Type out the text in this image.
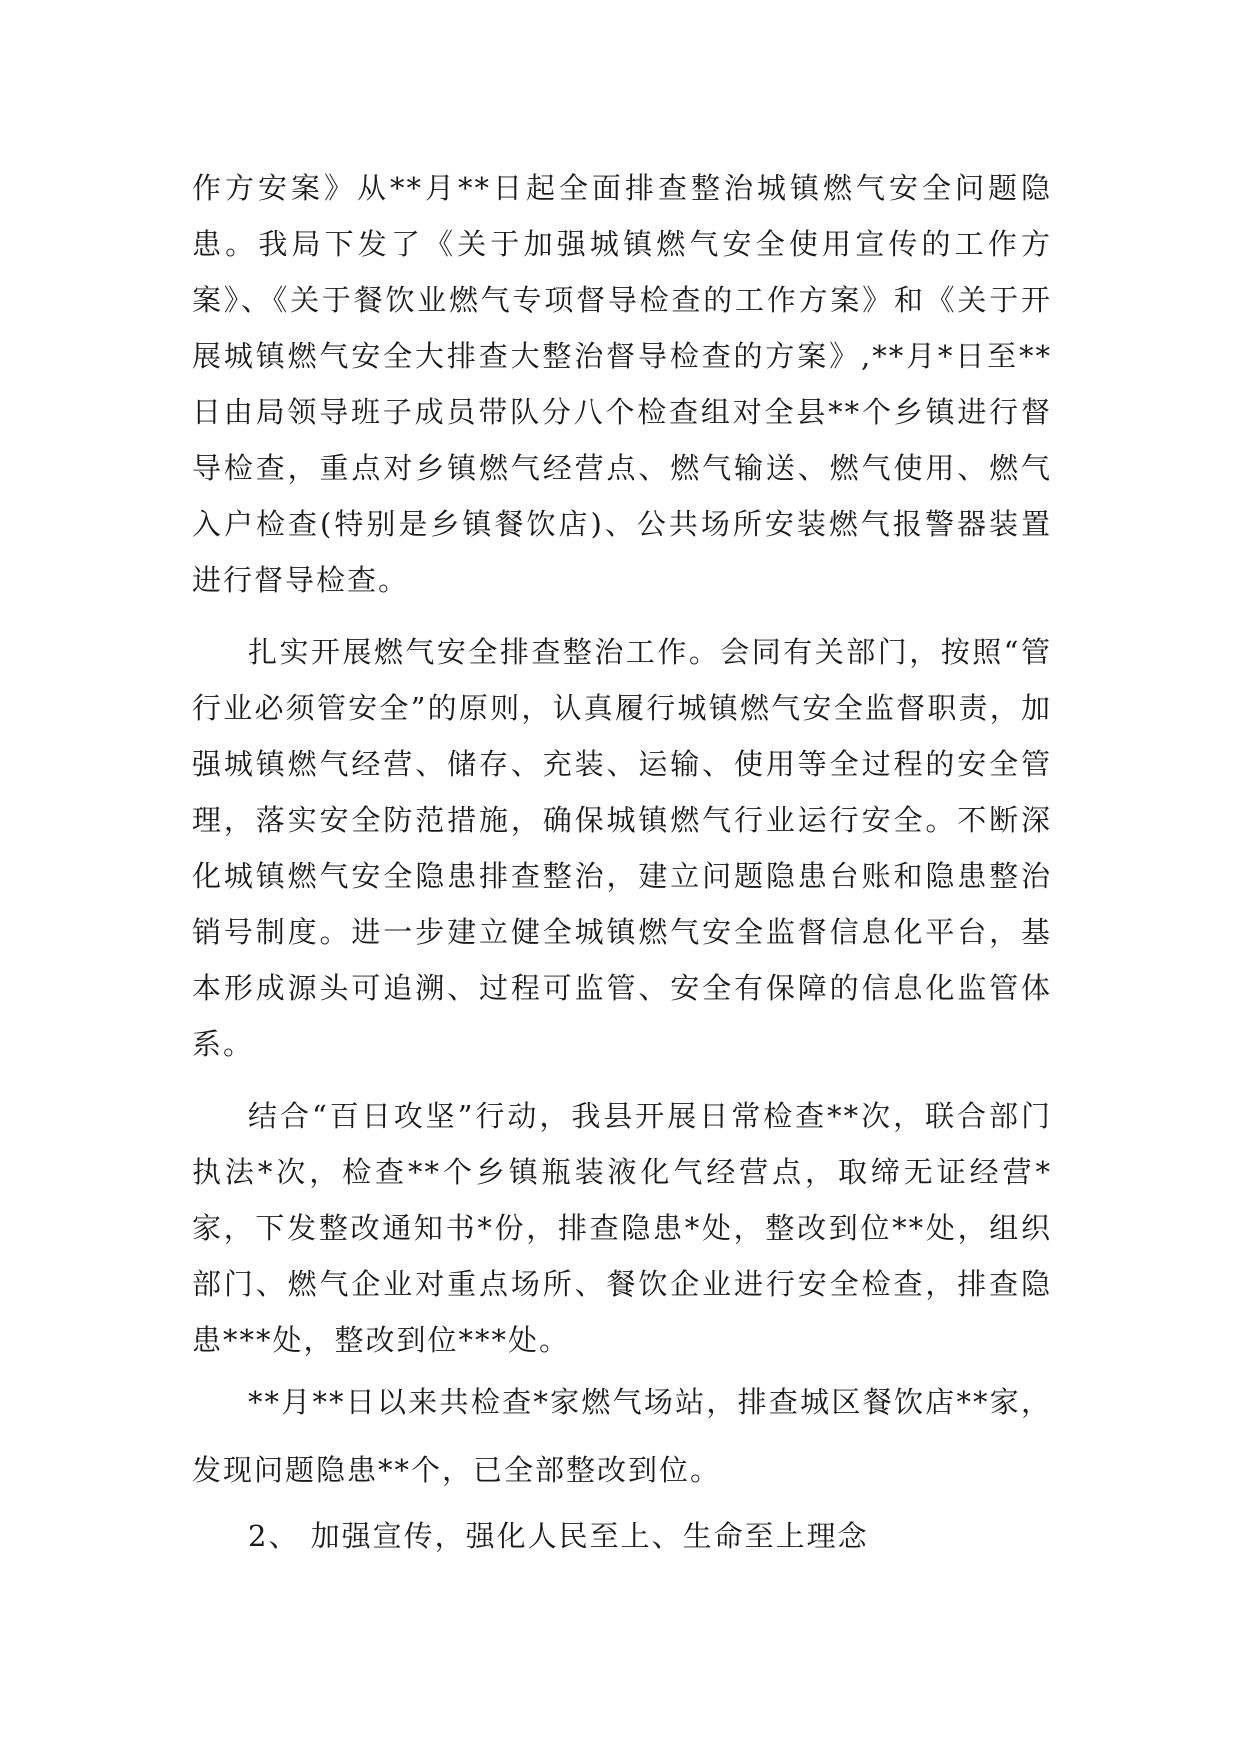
作方安案》从**月**日起全面排查整治城镇燃气安全问题隐患。我局下发了《关于加强城镇燃气安全使用宣传的工作方案》、《关于餐饮业燃气专项督导检查的工作方案》和《关于开展城镇燃气安全大排查大整治督导检查的方案》,**月*日至**日由局领导班子成员带队分八个检查组对全县**个乡镇进行督导检查，重点对乡镇燃气经营点、燃气输送、燃气使用、燃气入户检查(特别是乡镇餐饮店)、公共场所安装燃气报警器装置进行督导检查。

扎实开展燃气安全排查整治工作。会同有关部门，按照“管行业必须管安全”的原则，认真履行城镇燃气安全监督职责，加强城镇燃气经营、储存、充装、运输、使用等全过程的安全管理，落实安全防范措施，确保城镇燃气行业运行安全。不断深化城镇燃气安全隐患排查整治，建立问题隐患台账和隐患整治销号制度。进一步建立健全城镇燃气安全监督信息化平台，基本形成源头可追溯、过程可监管、安全有保障的信息化监管体系。

结合“百日攻坚”行动，我县开展日常检查**次，联合部门执法*次，检查**个乡镇瓶装液化气经营点，取缔无证经营*家，下发整改通知书*份，排查隐患*处，整改到位**处，组织部门、燃气企业对重点场所、餐饮企业进行安全检查，排查隐患***处，整改到位***处。

**月**日以来共检查*家燃气场站，排查城区餐饮店**家，发现问题隐患**个，已全部整改到位。

2、 加强宣传，强化人民至上、生命至上理念
